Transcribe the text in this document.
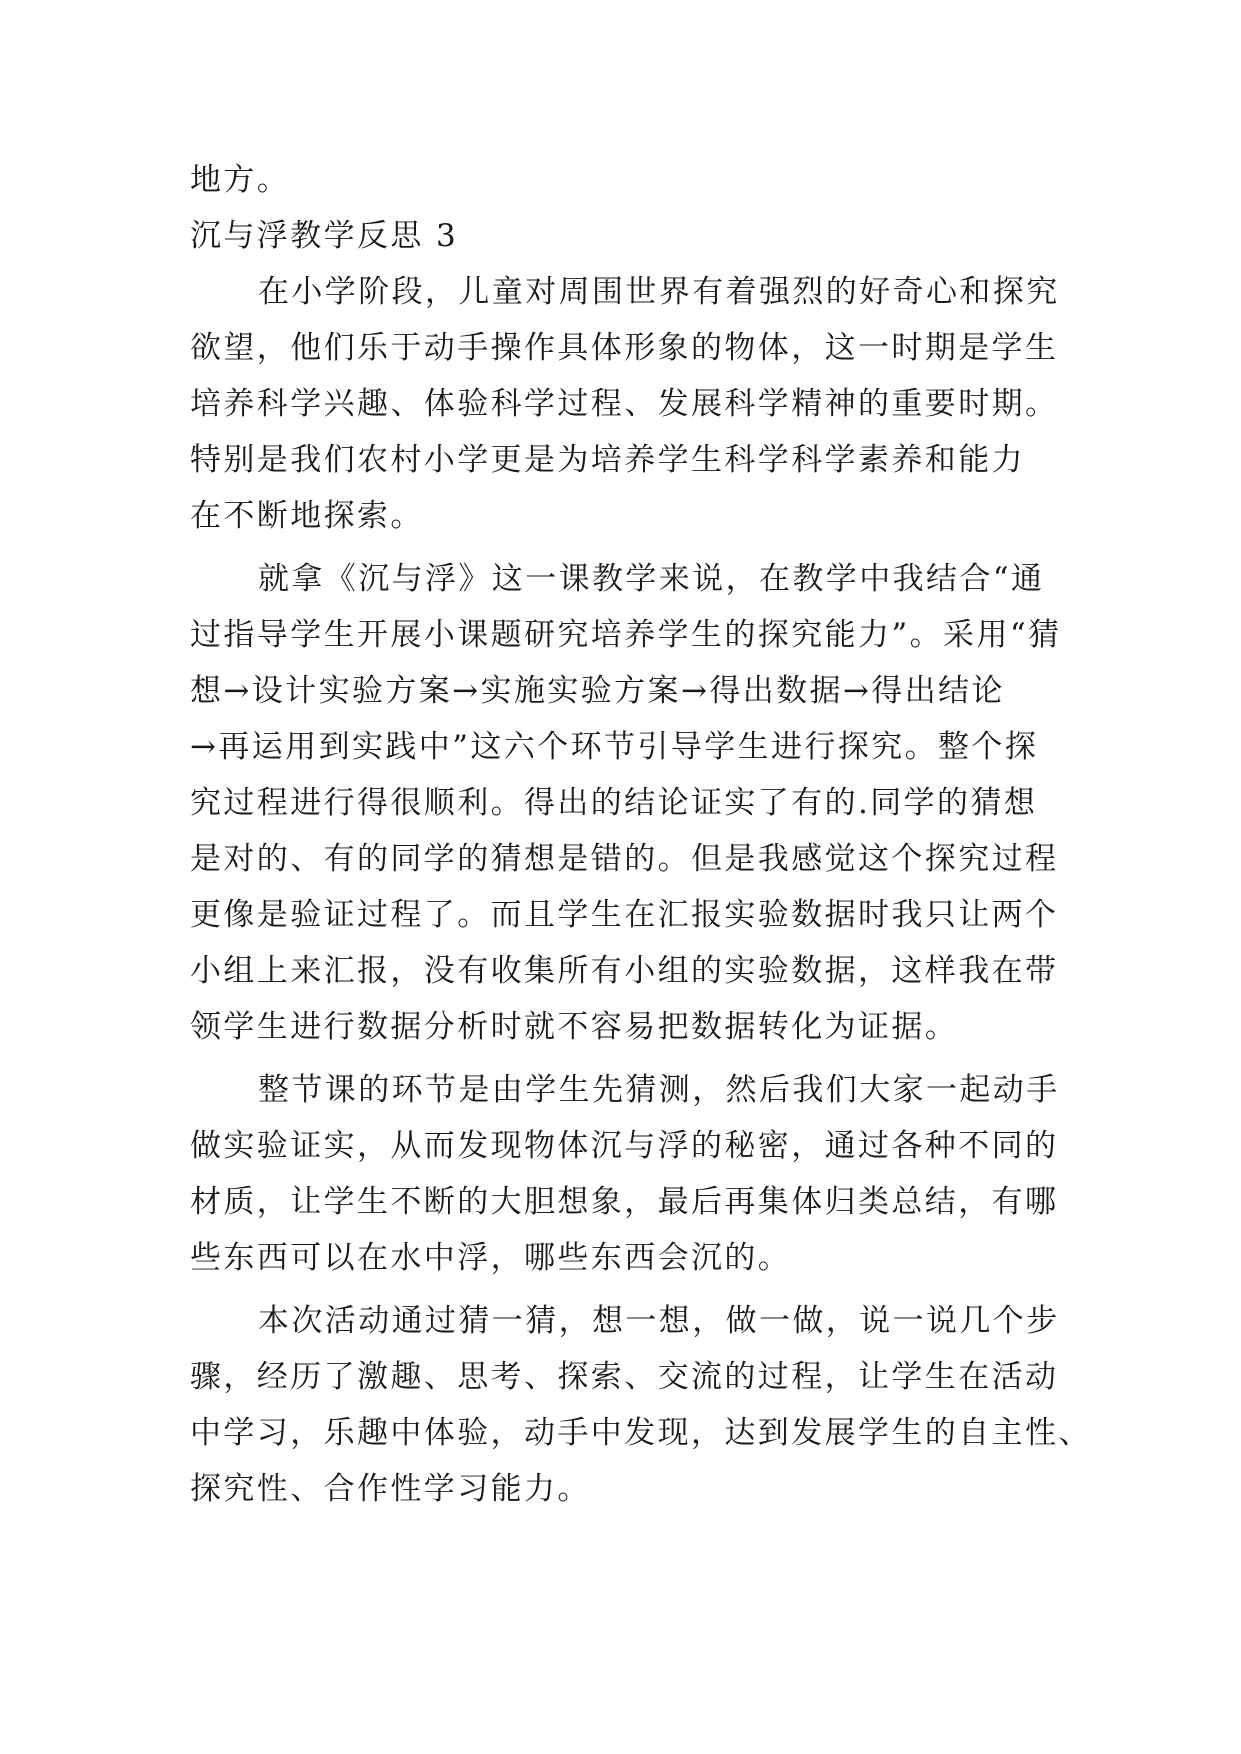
地方。
沉与浮教学反思 3
在小学阶段，儿童对周围世界有着强烈的好奇心和探究
欲望，他们乐于动手操作具体形象的物体，这一时期是学生
培养科学兴趣、体验科学过程、发展科学精神的重要时期。
特别是我们农村小学更是为培养学生科学科学素养和能力
在不断地探索。
就拿《沉与浮》这一课教学来说，在教学中我结合“通
过指导学生开展小课题研究培养学生的探究能力”。采用“猜
想→设计实验方案→实施实验方案→得出数据→得出结论
→再运用到实践中”这六个环节引导学生进行探究。整个探
究过程进行得很顺利。得出的结论证实了有的.同学的猜想
是对的、有的同学的猜想是错的。但是我感觉这个探究过程
更像是验证过程了。而且学生在汇报实验数据时我只让两个
小组上来汇报，没有收集所有小组的实验数据，这样我在带
领学生进行数据分析时就不容易把数据转化为证据。
整节课的环节是由学生先猜测，然后我们大家一起动手
做实验证实，从而发现物体沉与浮的秘密，通过各种不同的
材质，让学生不断的大胆想象，最后再集体归类总结，有哪
些东西可以在水中浮，哪些东西会沉的。
本次活动通过猜一猜，想一想，做一做，说一说几个步
骤，经历了激趣、思考、探索、交流的过程，让学生在活动
中学习，乐趣中体验，动手中发现，达到发展学生的自主性、
探究性、合作性学习能力。
